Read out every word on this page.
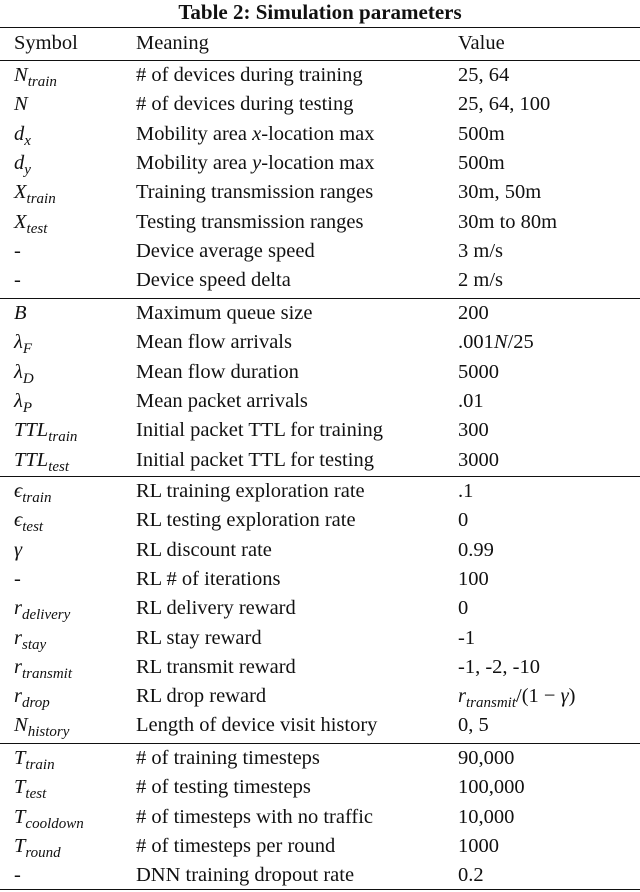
Table 2: Simulation parameters
Symbol	Meaning	Value
$N_{train}$	# of devices during training	25, 64
N	# of devices during testing	25, 64, 100
$d_x$	Mobility area x-location max	500m
$d_y$	Mobility area y-location max	500m
$X_{train}$	Training transmission ranges	30m, 50m
$X_{test}$	Testing transmission ranges	30m to 80m
-	Device average speed	3 m/s
-	Device speed delta	2 m/s
B	Maximum queue size	200
$\lambda_F$	Mean flow arrivals	.001N/25
$\lambda_D$	Mean flow duration	5000
$\lambda_P$	Mean packet arrivals	.01
$TTL_{train}$	Initial packet TTL for training	300
$TTL_{test}$	Initial packet TTL for testing	3000
$\epsilon_{train}$	RL training exploration rate	.1
$\epsilon_{test}$	RL testing exploration rate	0
γ	RL discount rate	0.99
-	RL # of iterations	100
$r_{delivery}$	RL delivery reward	0
$r_{stay}$	RL stay reward	-1
$r_{transmit}$	RL transmit reward	-1, -2, -10
$r_{drop}$	RL drop reward	$r_{transmit}/(1 - \gamma)$
$N_{history}$	Length of device visit history	0, 5
$T_{train}$	# of training timesteps	90,000
$T_{test}$	# of testing timesteps	100,000
$T_{cooldown}$	# of timesteps with no traffic	10,000
$T_{round}$	# of timesteps per round	1000
-	DNN training dropout rate	0.2
